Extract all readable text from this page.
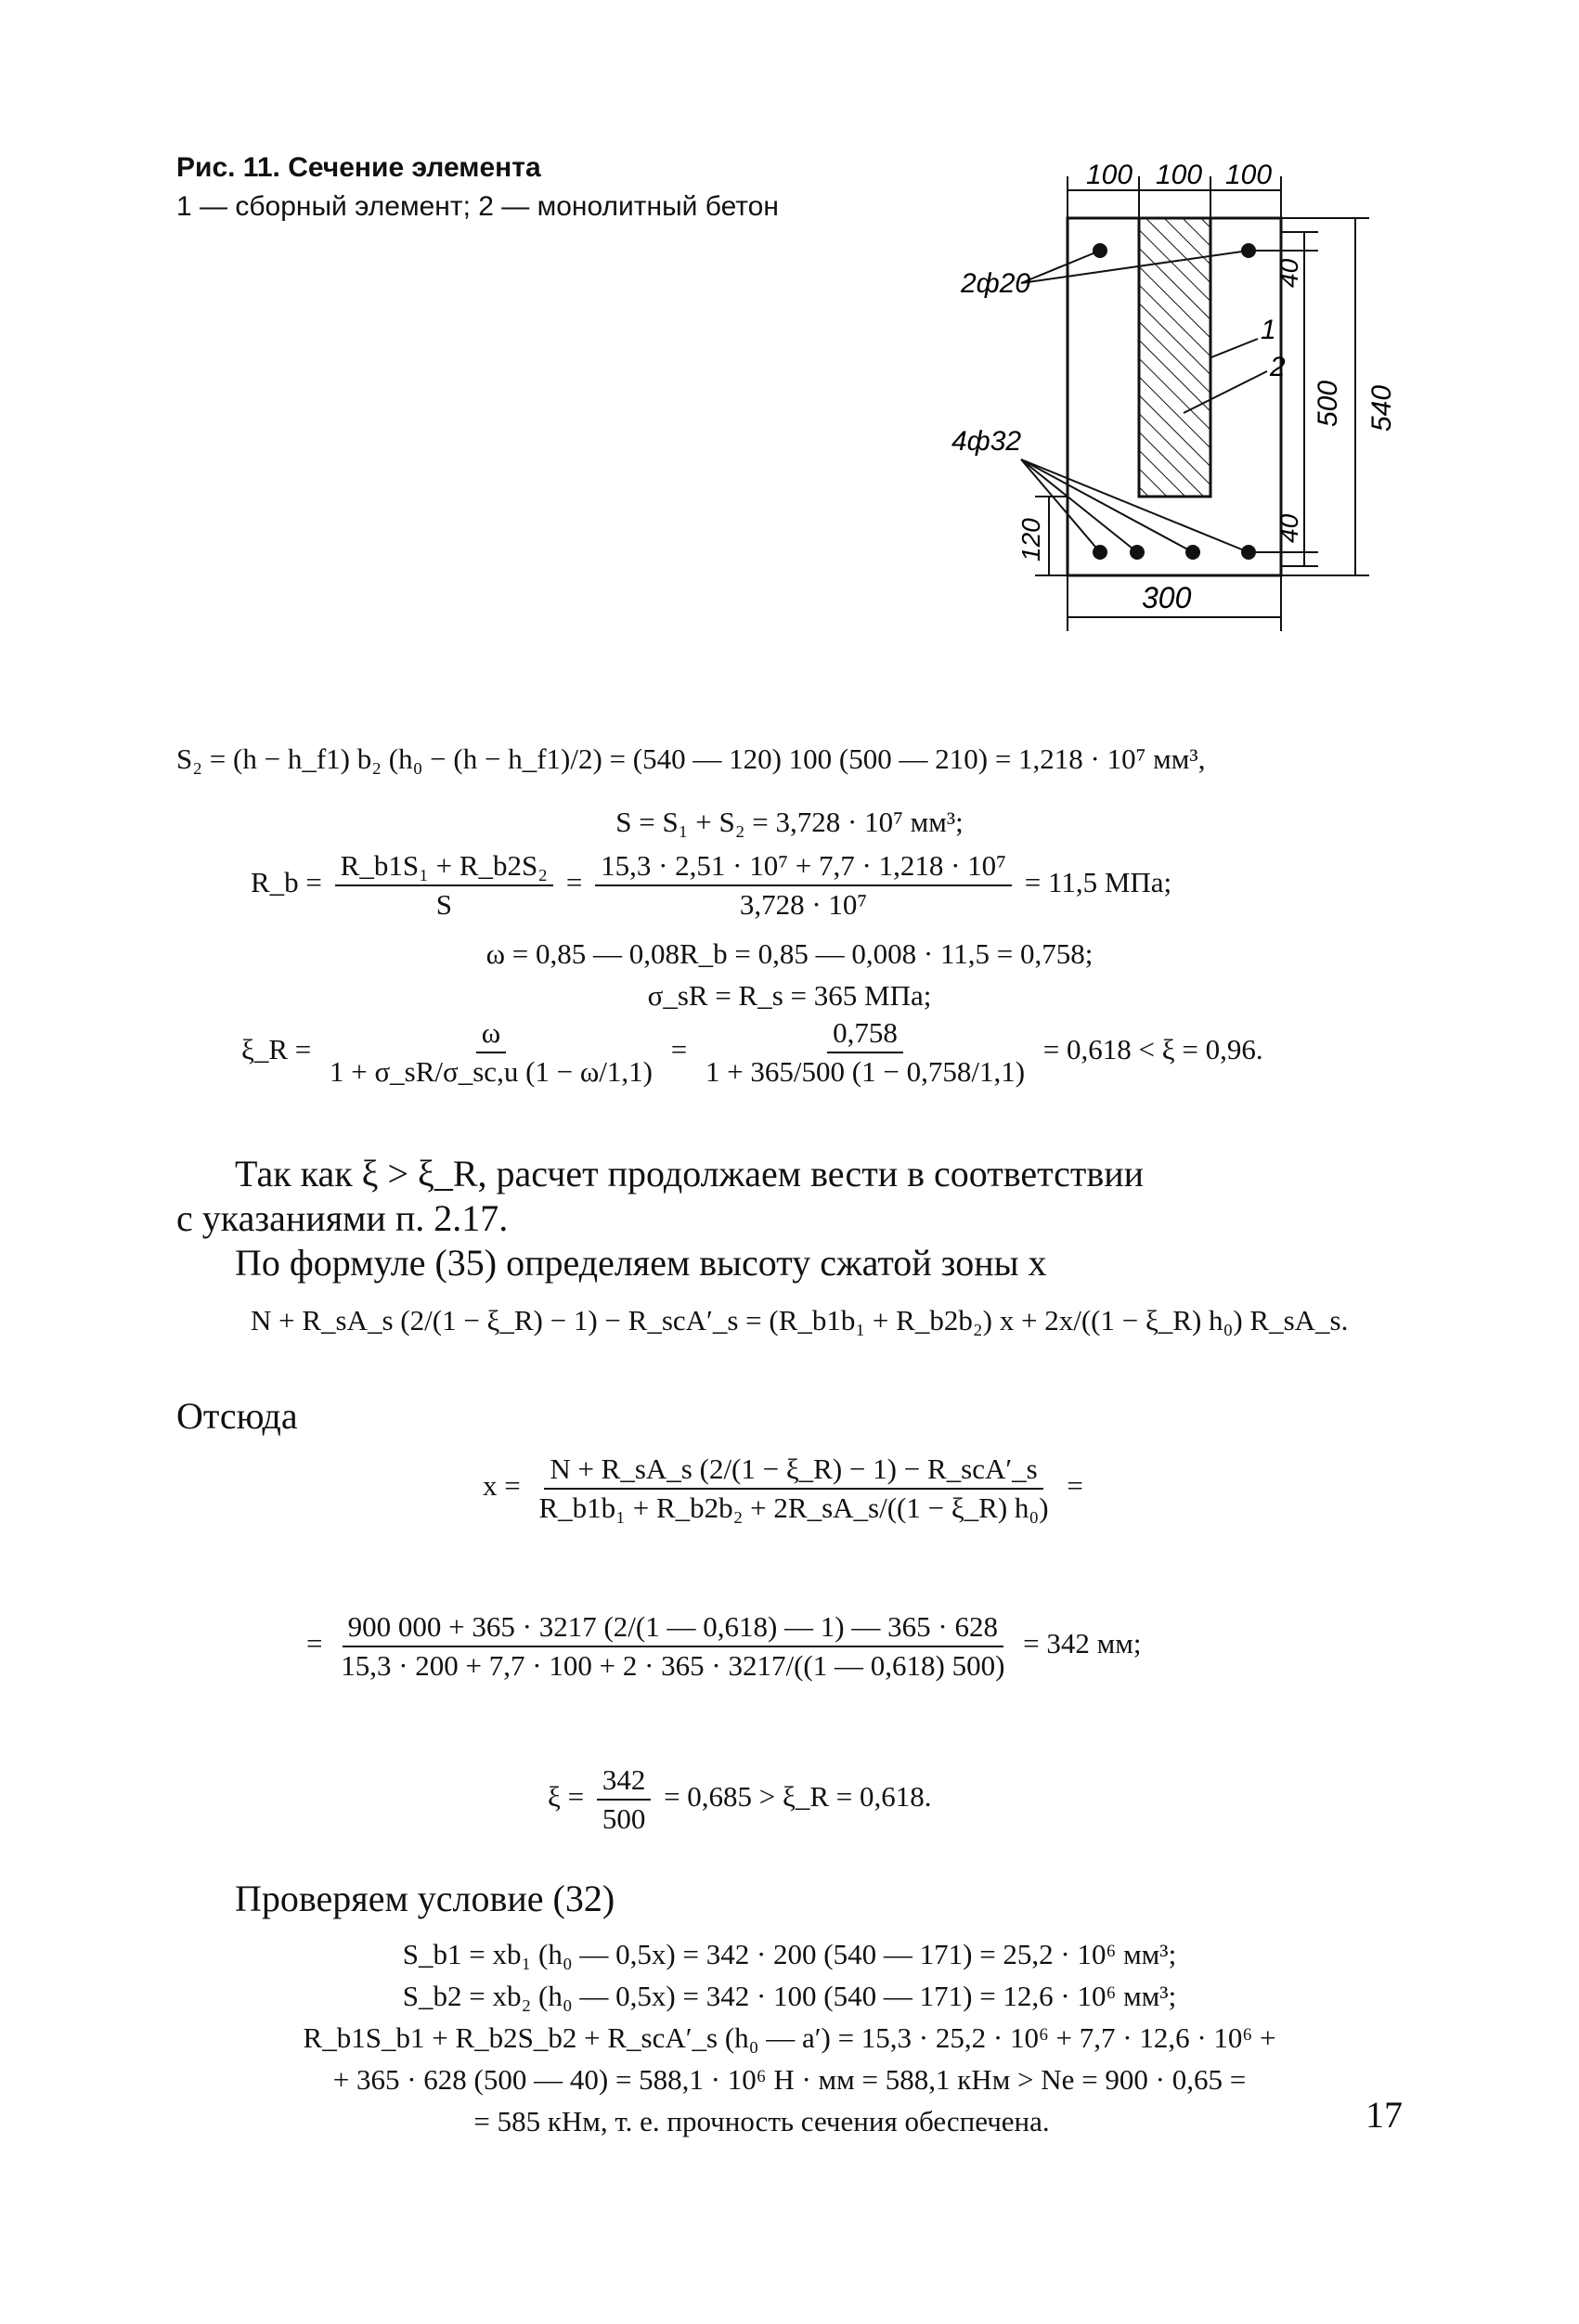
Рис. 11. Сечение элемента
1 — сборный элемент; 2 — монолитный бетон
100 100 100
2ф20
4ф32
1
2
40
500
40
540
120
300
S₂ = (h − h_f1) b₂ (h₀ − (h − h_f1)/2) = (540 — 120) 100 (500 — 210) = 1,218 · 10⁷ мм³,
S = S₁ + S₂ = 3,728 · 10⁷ мм³;
R_b = $\frac{\text{R\_b1S₁ + R\_b2S₂}}{S} = \frac{\text{15,3 · 2,51 · 10⁷ + 7,7 · 1,218 · 10⁷}}{\text{3,728 · 10⁷}} = 11,5$ МПа;
ω = 0,85 — 0,08R_b = 0,85 — 0,008 · 11,5 = 0,758;
σ_sR = R_s = 365 МПа;
ξ_R = $\frac{\omega}{1 + \sigma\_sR/\sigma\_sc,u (1 - \omega/1,1)} = \frac{0,758}{1 + 365/500 (1 - 0,758/1,1)} = 0,618 < \xi = 0,96$.
Так как ξ > ξ_R, расчет продолжаем вести в соответствии
с указаниями п. 2.17.
По формуле (35) определяем высоту сжатой зоны x
N + R_sA_s (2/(1 − ξ_R) − 1) − R_scA′_s = (R_b1b₁ + R_b2b₂) x + 2x/((1 − ξ_R) h₀) R_sA_s.
Отсюда
$x = \frac{\text{N + R\_sA\_s (2/(1 − ξ\_R) − 1) − R\_scA′\_s}}{\text{R\_b1b₁ + R\_b2b₂ + 2R\_sA\_s/((1 − ξ\_R) h₀)}}$ =
= $\frac{900 000 + 365 \cdot 3217 (2/(1 — 0,618) — 1) — 365 \cdot 628}{15,3 \cdot 200 + 7,7 \cdot 100 + 2 \cdot 365 \cdot 3217/((1 — 0,618) 500)} = 342$ мм;
$\xi = \frac{342}{500} = 0,685$ > ξ_R = 0,618.
Проверяем условие (32)
S_b1 = xb₁ (h₀ — 0,5x) = 342 · 200 (540 — 171) = 25,2 · 10⁶ мм³;
S_b2 = xb₂ (h₀ — 0,5x) = 342 · 100 (540 — 171) = 12,6 · 10⁶ мм³;
R_b1S_b1 + R_b2S_b2 + R_scA′_s (h₀ — a′) = 15,3 · 25,2 · 10⁶ + 7,7 · 12,6 · 10⁶ +
+ 365 · 628 (500 — 40) = 588,1 · 10⁶ Н · мм = 588,1 кНм > Ne = 900 · 0,65 =
= 585 кНм, т. е. прочность сечения обеспечена.	17
